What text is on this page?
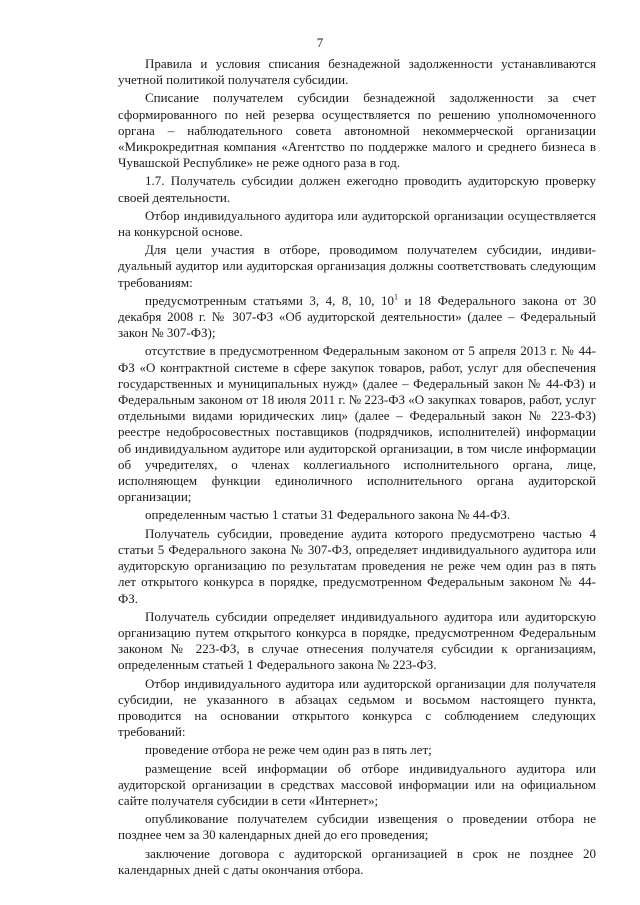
7

Правила и условия списания безнадежной задолженности устанавливаются учетной политикой получателя субсидии.

Списание получателем субсидии безнадежной задолженности за счет сформированного по ней резерва осуществляется по решению уполномоченного органа – наблюдательного совета автономной некоммерческой организации «Микрокредитная компания «Агентство по поддержке малого и среднего бизнеса в Чувашской Республике» не реже одного раза в год.

1.7. Получатель субсидии должен ежегодно проводить аудиторскую проверку своей деятельности.

Отбор индивидуального аудитора или аудиторской организации осуществляется на конкурсной основе.

Для цели участия в отборе, проводимом получателем субсидии, индивидуальный аудитор или аудиторская организация должны соответствовать следующим требованиям:

предусмотренным статьями 3, 4, 8, 10, $10^1$ и 18 Федерального закона от 30 декабря 2008 г. № 307-ФЗ «Об аудиторской деятельности» (далее – Федеральный закон № 307-ФЗ);

отсутствие в предусмотренном Федеральным законом от 5 апреля 2013 г. № 44-ФЗ «О контрактной системе в сфере закупок товаров, работ, услуг для обеспечения государственных и муниципальных нужд» (далее – Федеральный закон № 44-ФЗ) и Федеральным законом от 18 июля 2011 г. № 223-ФЗ «О закупках товаров, работ, услуг отдельными видами юридических лиц» (далее – Федеральный закон № 223-ФЗ) реестре недобросовестных поставщиков (подрядчиков, исполнителей) информации об индивидуальном аудиторе или аудиторской организации, в том числе информации об учредителях, о членах коллегиального исполнительного органа, лице, исполняющем функции единоличного исполнительного органа аудиторской организации;

определенным частью 1 статьи 31 Федерального закона № 44-ФЗ.

Получатель субсидии, проведение аудита которого предусмотрено частью 4 статьи 5 Федерального закона № 307-ФЗ, определяет индивидуального аудитора или аудиторскую организацию по результатам проведения не реже чем один раз в пять лет открытого конкурса в порядке, предусмотренном Федеральным законом № 44-ФЗ.

Получатель субсидии определяет индивидуального аудитора или аудиторскую организацию путем открытого конкурса в порядке, предусмотренном Федеральным законом № 223-ФЗ, в случае отнесения получателя субсидии к организациям, определенным статьей 1 Федерального закона № 223-ФЗ.

Отбор индивидуального аудитора или аудиторской организации для получателя субсидии, не указанного в абзацах седьмом и восьмом настоящего пункта, проводится на основании открытого конкурса с соблюдением следующих требований:

проведение отбора не реже чем один раз в пять лет;

размещение всей информации об отборе индивидуального аудитора или аудиторской организации в средствах массовой информации или на официальном сайте получателя субсидии в сети «Интернет»;

опубликование получателем субсидии извещения о проведении отбора не позднее чем за 30 календарных дней до его проведения;

заключение договора с аудиторской организацией в срок не позднее 20 календарных дней с даты окончания отбора.
